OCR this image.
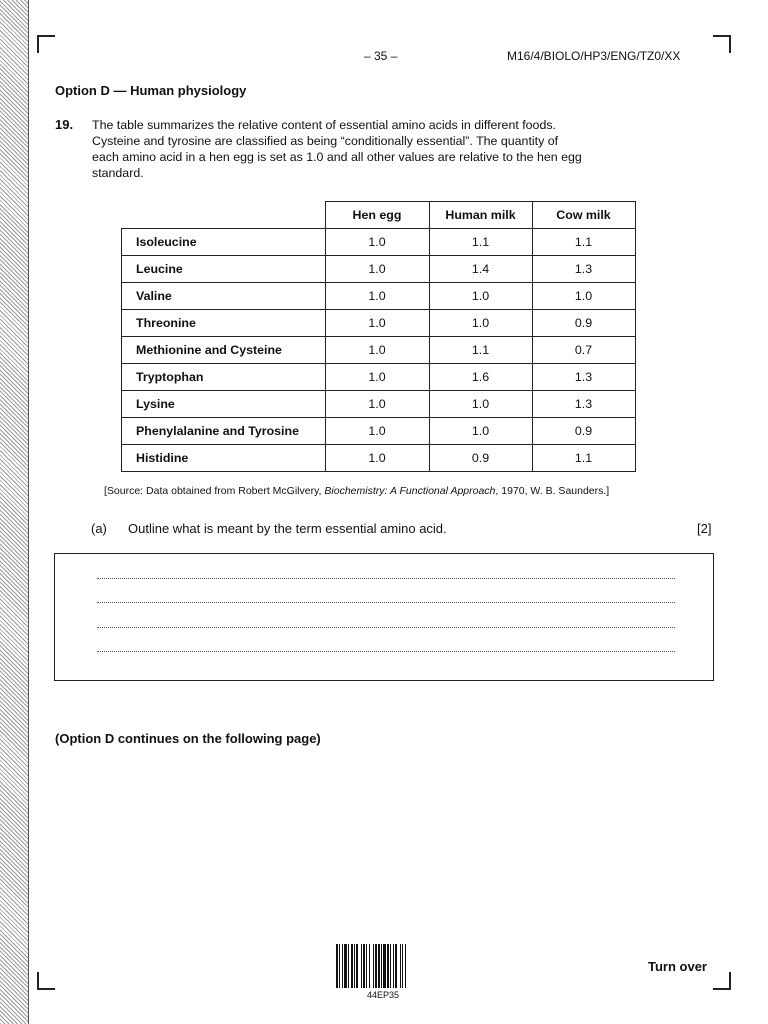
– 35 –	M16/4/BIOLO/HP3/ENG/TZ0/XX
Option D — Human physiology
19. The table summarizes the relative content of essential amino acids in different foods.
Cysteine and tyrosine are classified as being “conditionally essential”. The quantity of
each amino acid in a hen egg is set as 1.0 and all other values are relative to the hen egg
standard.
	Hen egg	Human milk	Cow milk
Isoleucine	1.0	1.1	1.1
Leucine	1.0	1.4	1.3
Valine	1.0	1.0	1.0
Threonine	1.0	1.0	0.9
Methionine and Cysteine	1.0	1.1	0.7
Tryptophan	1.0	1.6	1.3
Lysine	1.0	1.0	1.3
Phenylalanine and Tyrosine	1.0	1.0	0.9
Histidine	1.0	0.9	1.1
[Source: Data obtained from Robert McGilvery, Biochemistry: A Functional Approach, 1970, W. B. Saunders.]
(a) Outline what is meant by the term essential amino acid.	[2]
(Option D continues on the following page)
44EP35
Turn over
